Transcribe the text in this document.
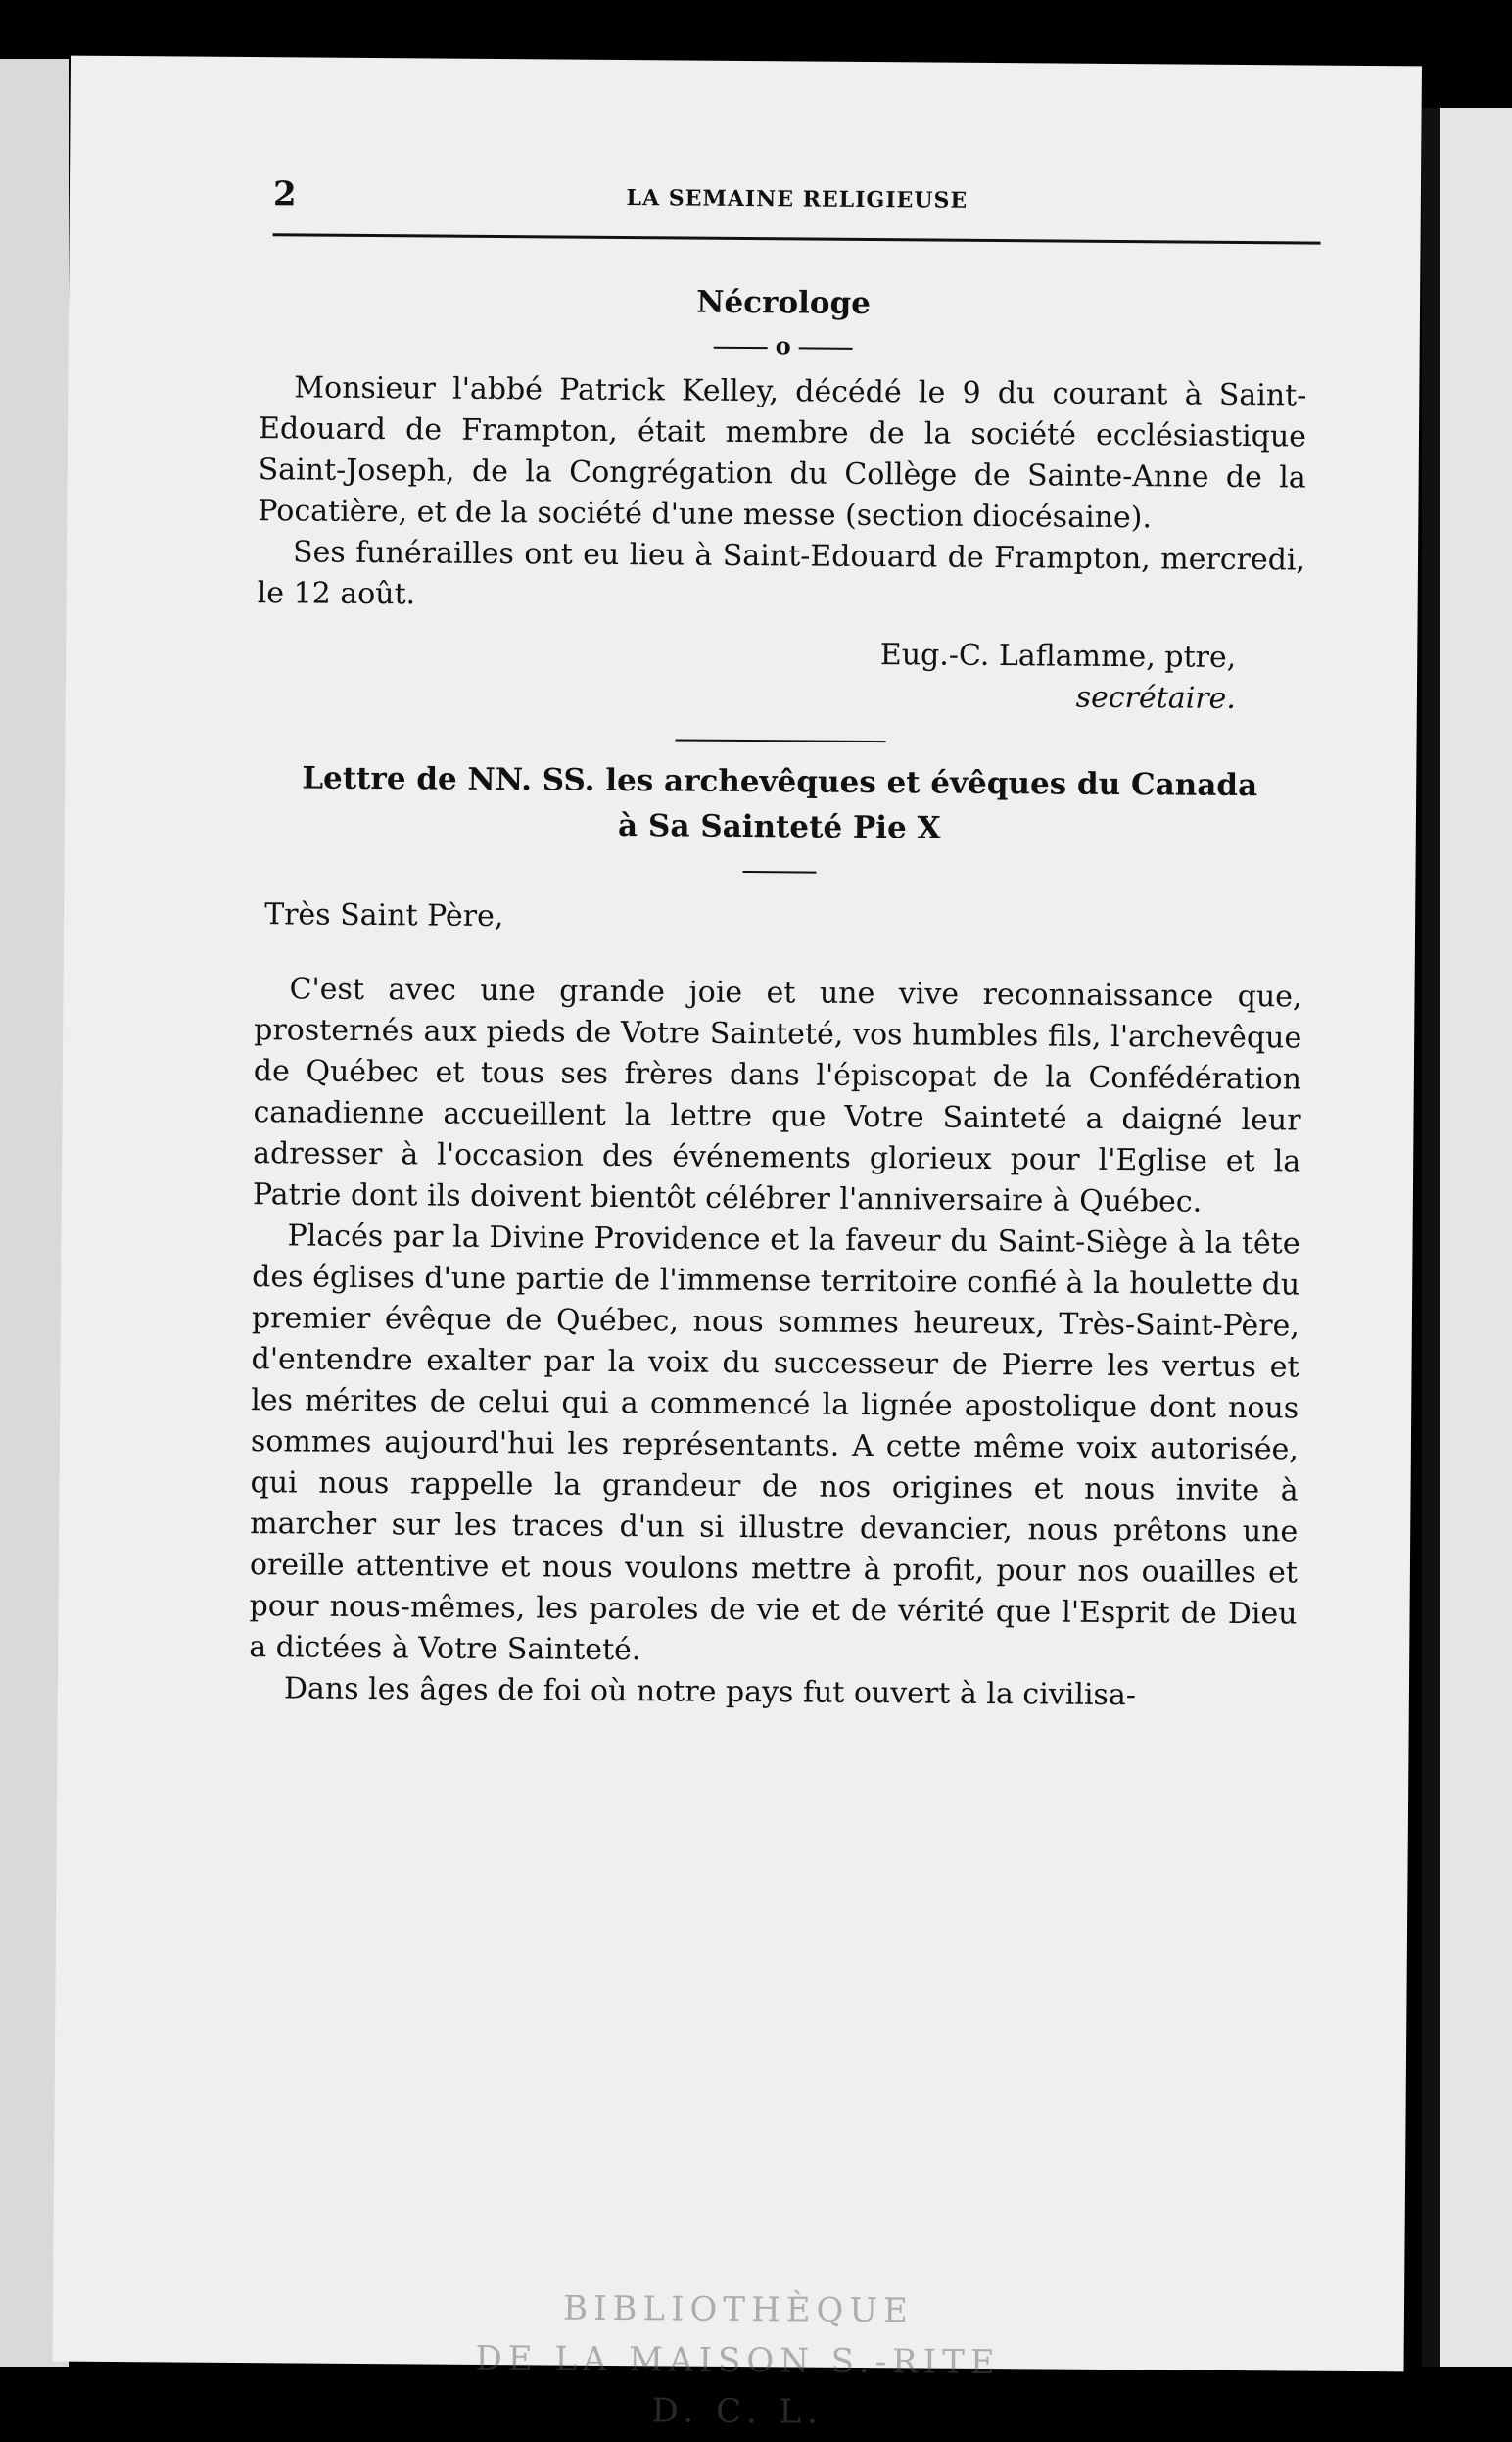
2	LA SEMAINE RELIGIEUSE
Nécrologe
o

Monsieur l'abbé Patrick Kelley, décédé le 9 du courant à Saint-Edouard de Frampton, était membre de la société ecclésiastique Saint-Joseph, de la Congrégation du Collège de Sainte-Anne de la Pocatière, et de la société d'une messe (section diocésaine).

Ses funérailles ont eu lieu à Saint-Edouard de Frampton, mercredi, le 12 août.

Eug.-C. Laflamme, ptre,
secrétaire.
Lettre de NN. SS. les archevêques et évêques du Canada
à Sa Sainteté Pie X
Très Saint Père,

C'est avec une grande joie et une vive reconnaissance que, prosternés aux pieds de Votre Sainteté, vos humbles fils, l'archevêque de Québec et tous ses frères dans l'épiscopat de la Confédération canadienne accueillent la lettre que Votre Sainteté a daigné leur adresser à l'occasion des événements glorieux pour l'Eglise et la Patrie dont ils doivent bientôt célébrer l'anniversaire à Québec.

Placés par la Divine Providence et la faveur du Saint-Siège à la tête des églises d'une partie de l'immense territoire confié à la houlette du premier évêque de Québec, nous sommes heureux, Très-Saint-Père, d'entendre exalter par la voix du successeur de Pierre les vertus et les mérites de celui qui a commencé la lignée apostolique dont nous sommes aujourd'hui les représentants. A cette même voix autorisée, qui nous rappelle la grandeur de nos origines et nous invite à marcher sur les traces d'un si illustre devancier, nous prêtons une oreille attentive et nous voulons mettre à profit, pour nos ouailles et pour nous-mêmes, les paroles de vie et de vérité que l'Esprit de Dieu a dictées à Votre Sainteté.

Dans les âges de foi où notre pays fut ouvert à la civilisa-

BIBLIOTHÈQUE
DE LA MAISON S.-RITE
D. C. L.
